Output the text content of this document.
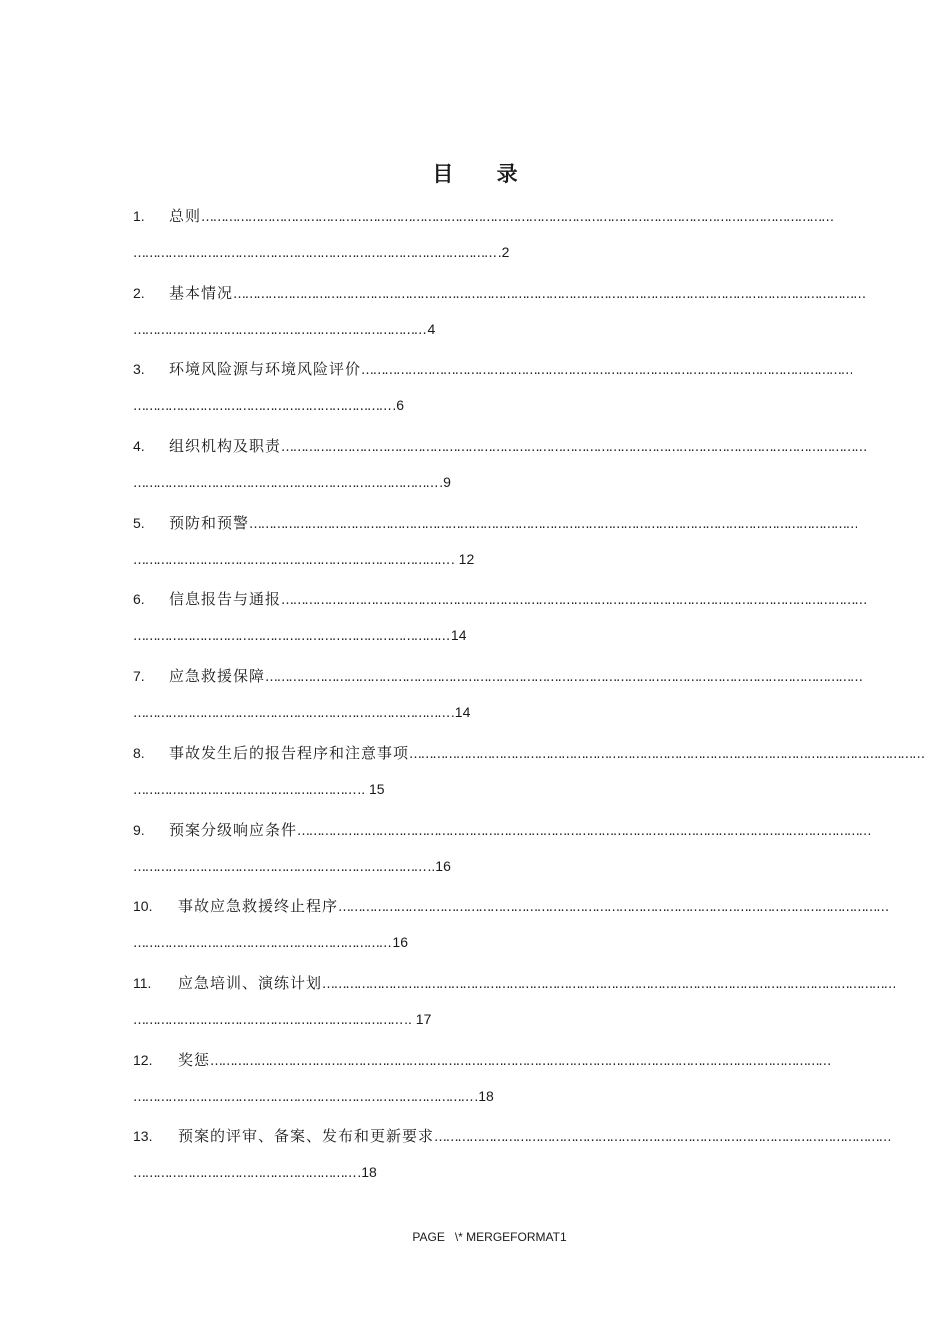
目 录
1. 总则………………………………………………………………………………………………………………………………………………
………………………………………………………………………………… .2
2. 基本情况………………………………………………………………………………………………………………………………………………
………………………………………………………………… 4
3. 环境风险源与环境风险评价………………………………………………………………………………………………………………
………………………………………………………… .6
4. 组织机构及职责……………………………………………………………………………………………………………………………………
…………………………………………………………………… .9
5. 预防和预警…………………………………………………………………………………………………………………………………………
……………………………………………………………………… . 12
6. 信息报告与通报……………………………………………………………………………………………………………………………………
……………………………………………………………………… 14
7. 应急救援保障………………………………………………………………………………………………………………………………………
……………………………………………………………………… .14
8. 事故发生后的报告程序和注意事项……………………………………………………………………………………………………………………
………………………………………………… .. 15
9. 预案分级响应条件…………………………………………………………………………………………………………………………………
………………………………………………………………… ..16
10. 事故应急救援终止程序……………………………………………………………………………………………………………………………
………………………………………………………… 16
11. 应急培训、演练计划…………………………………………………………………………………………………………………………………
…………………………………………………………… .. 17
12. 奖惩……………………………………………………………………………………………………………………………………………
…………………………………………………………………………… .18
13. 预案的评审、备案、发布和更新要求………………………………………………………………………………………………………
………………………………………………… .18
PAGE   \* MERGEFORMAT1
